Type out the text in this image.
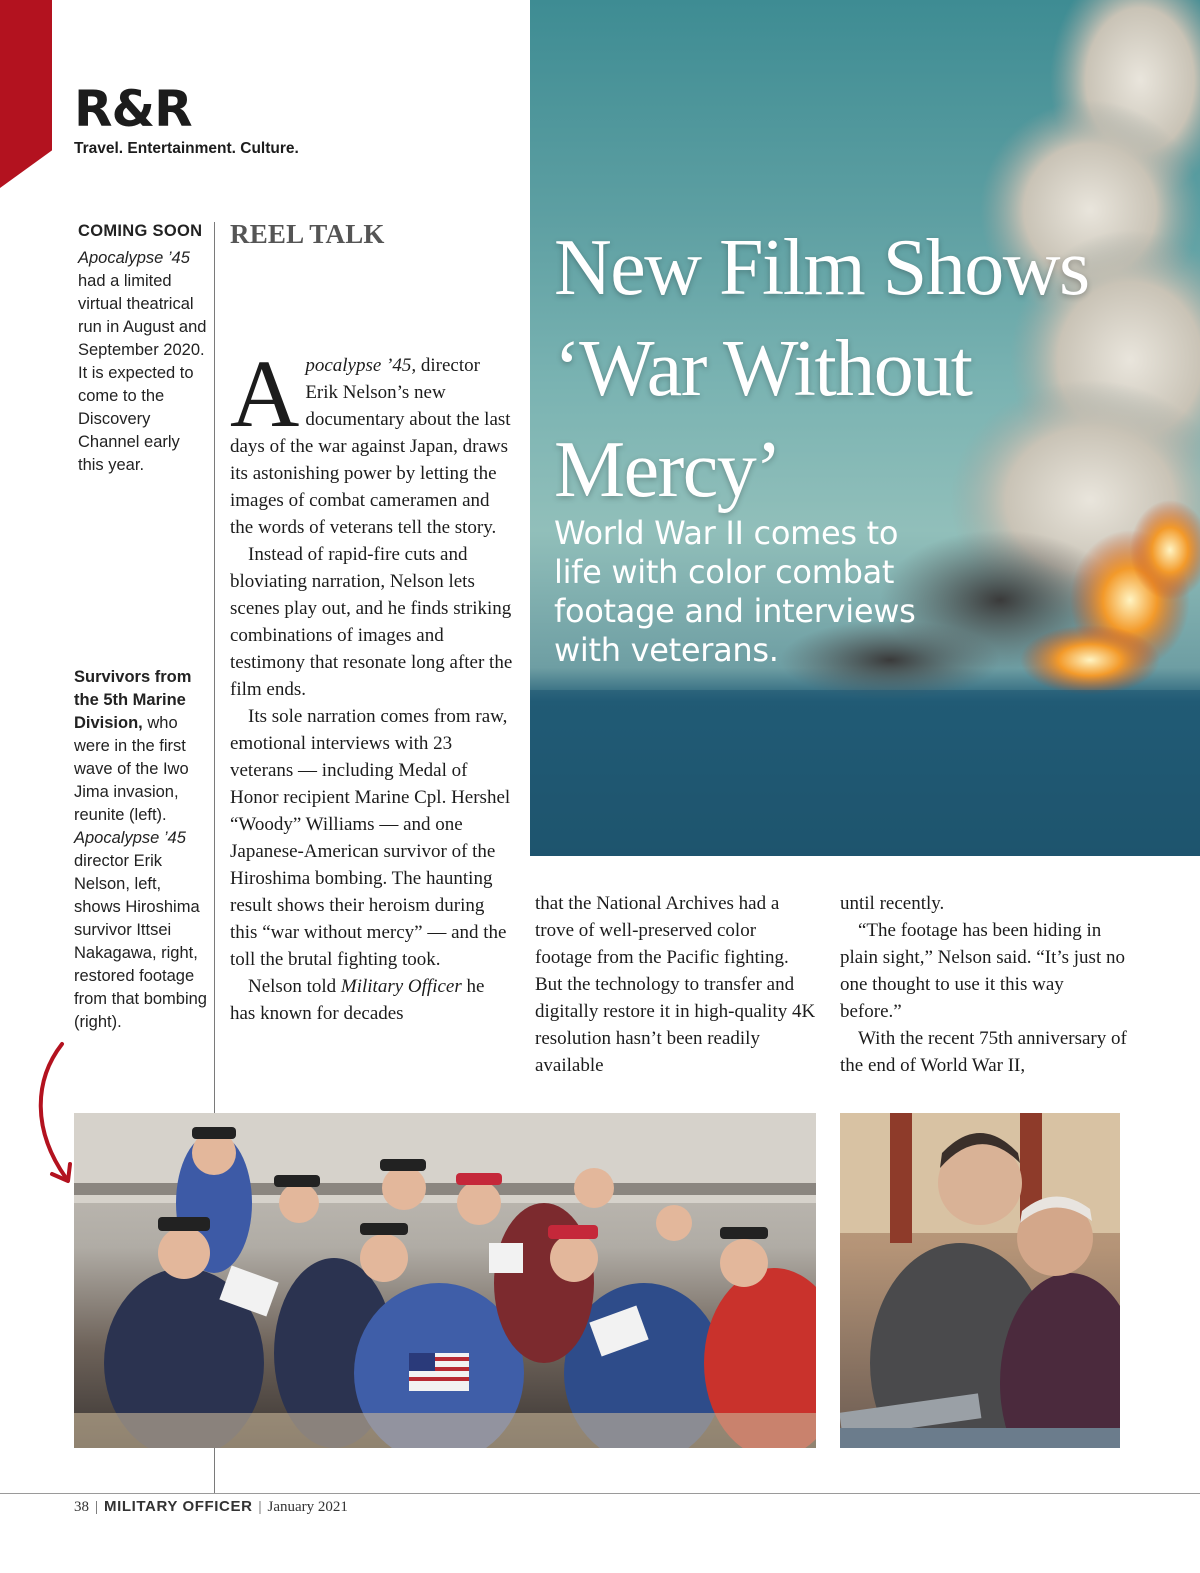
R&R
Travel. Entertainment. Culture.
COMING SOON
Apocalypse ’45 had a limited virtual theatrical run in August and September 2020. It is expected to come to the Discovery Channel early this year.
Survivors from the 5th Marine Division, who were in the first wave of the Iwo Jima invasion, reunite (left). Apocalypse ’45 director Erik Nelson, left, shows Hiroshima survivor Ittsei Nakagawa, right, restored footage from that bombing (right).
REEL TALK New Film Shows ‘War Without Mercy’
World War II comes to life with color combat footage and interviews with veterans.

Apocalypse ’45, director Erik Nelson’s new documentary about the last days of the war against Japan, draws its astonishing power by letting the images of combat cameramen and the words of veterans tell the story.

Instead of rapid-fire cuts and bloviating narration, Nelson lets scenes play out, and he finds striking combinations of images and testimony that resonate long after the film ends.

Its sole narration comes from raw, emotional interviews with 23 veterans — including Medal of Honor recipient Marine Cpl. Hershel “Woody” Williams — and one Japanese-American survivor of the Hiroshima bombing. The haunting result shows their heroism during this “war without mercy” — and the toll the brutal fighting took.

Nelson told Military Officer he has known for decades

that the National Archives had a trove of well-preserved color footage from the Pacific fighting. But the technology to transfer and digitally restore it in high-quality 4K resolution hasn’t been readily available

until recently.

“The footage has been hiding in plain sight,” Nelson said. “It’s just no one thought to use it this way before.”

With the recent 75th anniversary of the end of World War II,

38 | MILITARY OFFICER | January 2021
